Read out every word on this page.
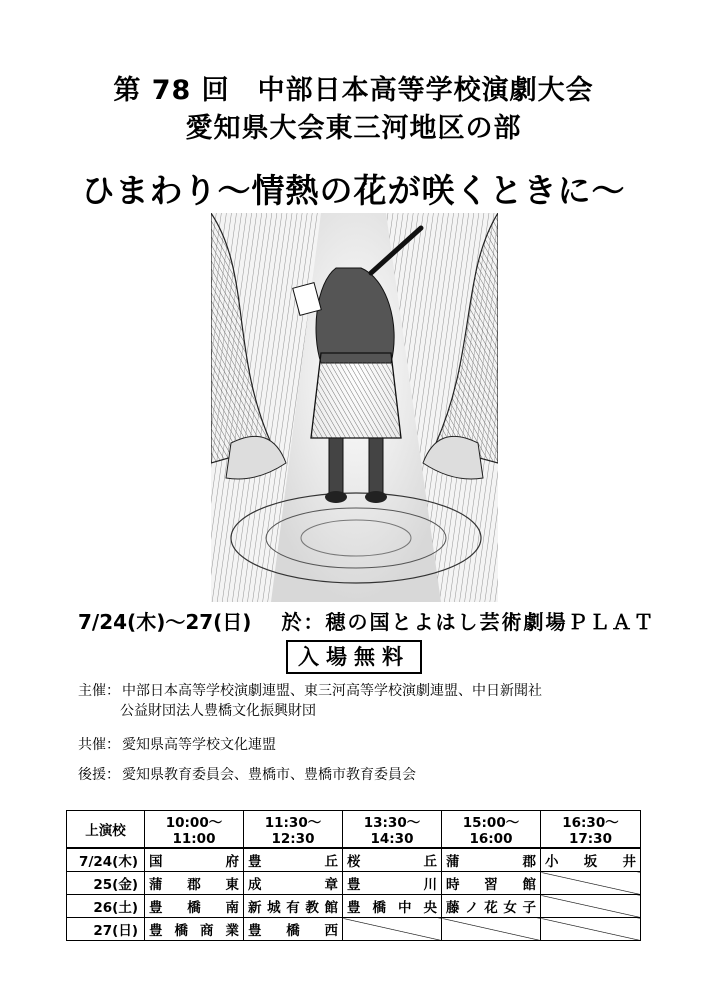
第 78 回　中部日本高等学校演劇大会
愛知県大会東三河地区の部
ひまわり～情熱の花が咲くときに～
7/24(木)～27(日) 於：穂の国とよはし芸術劇場ＰＬＡＴ
入場無料
主催： 中部日本高等学校演劇連盟、東三河高等学校演劇連盟、中日新聞社
公益財団法人豊橋文化振興財団
共催： 愛知県高等学校文化連盟
後援： 愛知県教育委員会、豊橋市、豊橋市教育委員会
上演校	10:00～11:00	11:30～12:30	13:30～14:30	15:00～16:00	16:30～17:30
7/24(木)	国 府	豊 丘	桜 丘	蒲 郡	小 坂 井

25(金)	蒲 郡 東	成 章	豊 川	時 習 館	

26(土)	豊 橋 南	新 城 有 教 館	豊 橋 中 央	藤 ノ 花 女 子	

27(日)	豊 橋 商 業	豊 橋 西			
